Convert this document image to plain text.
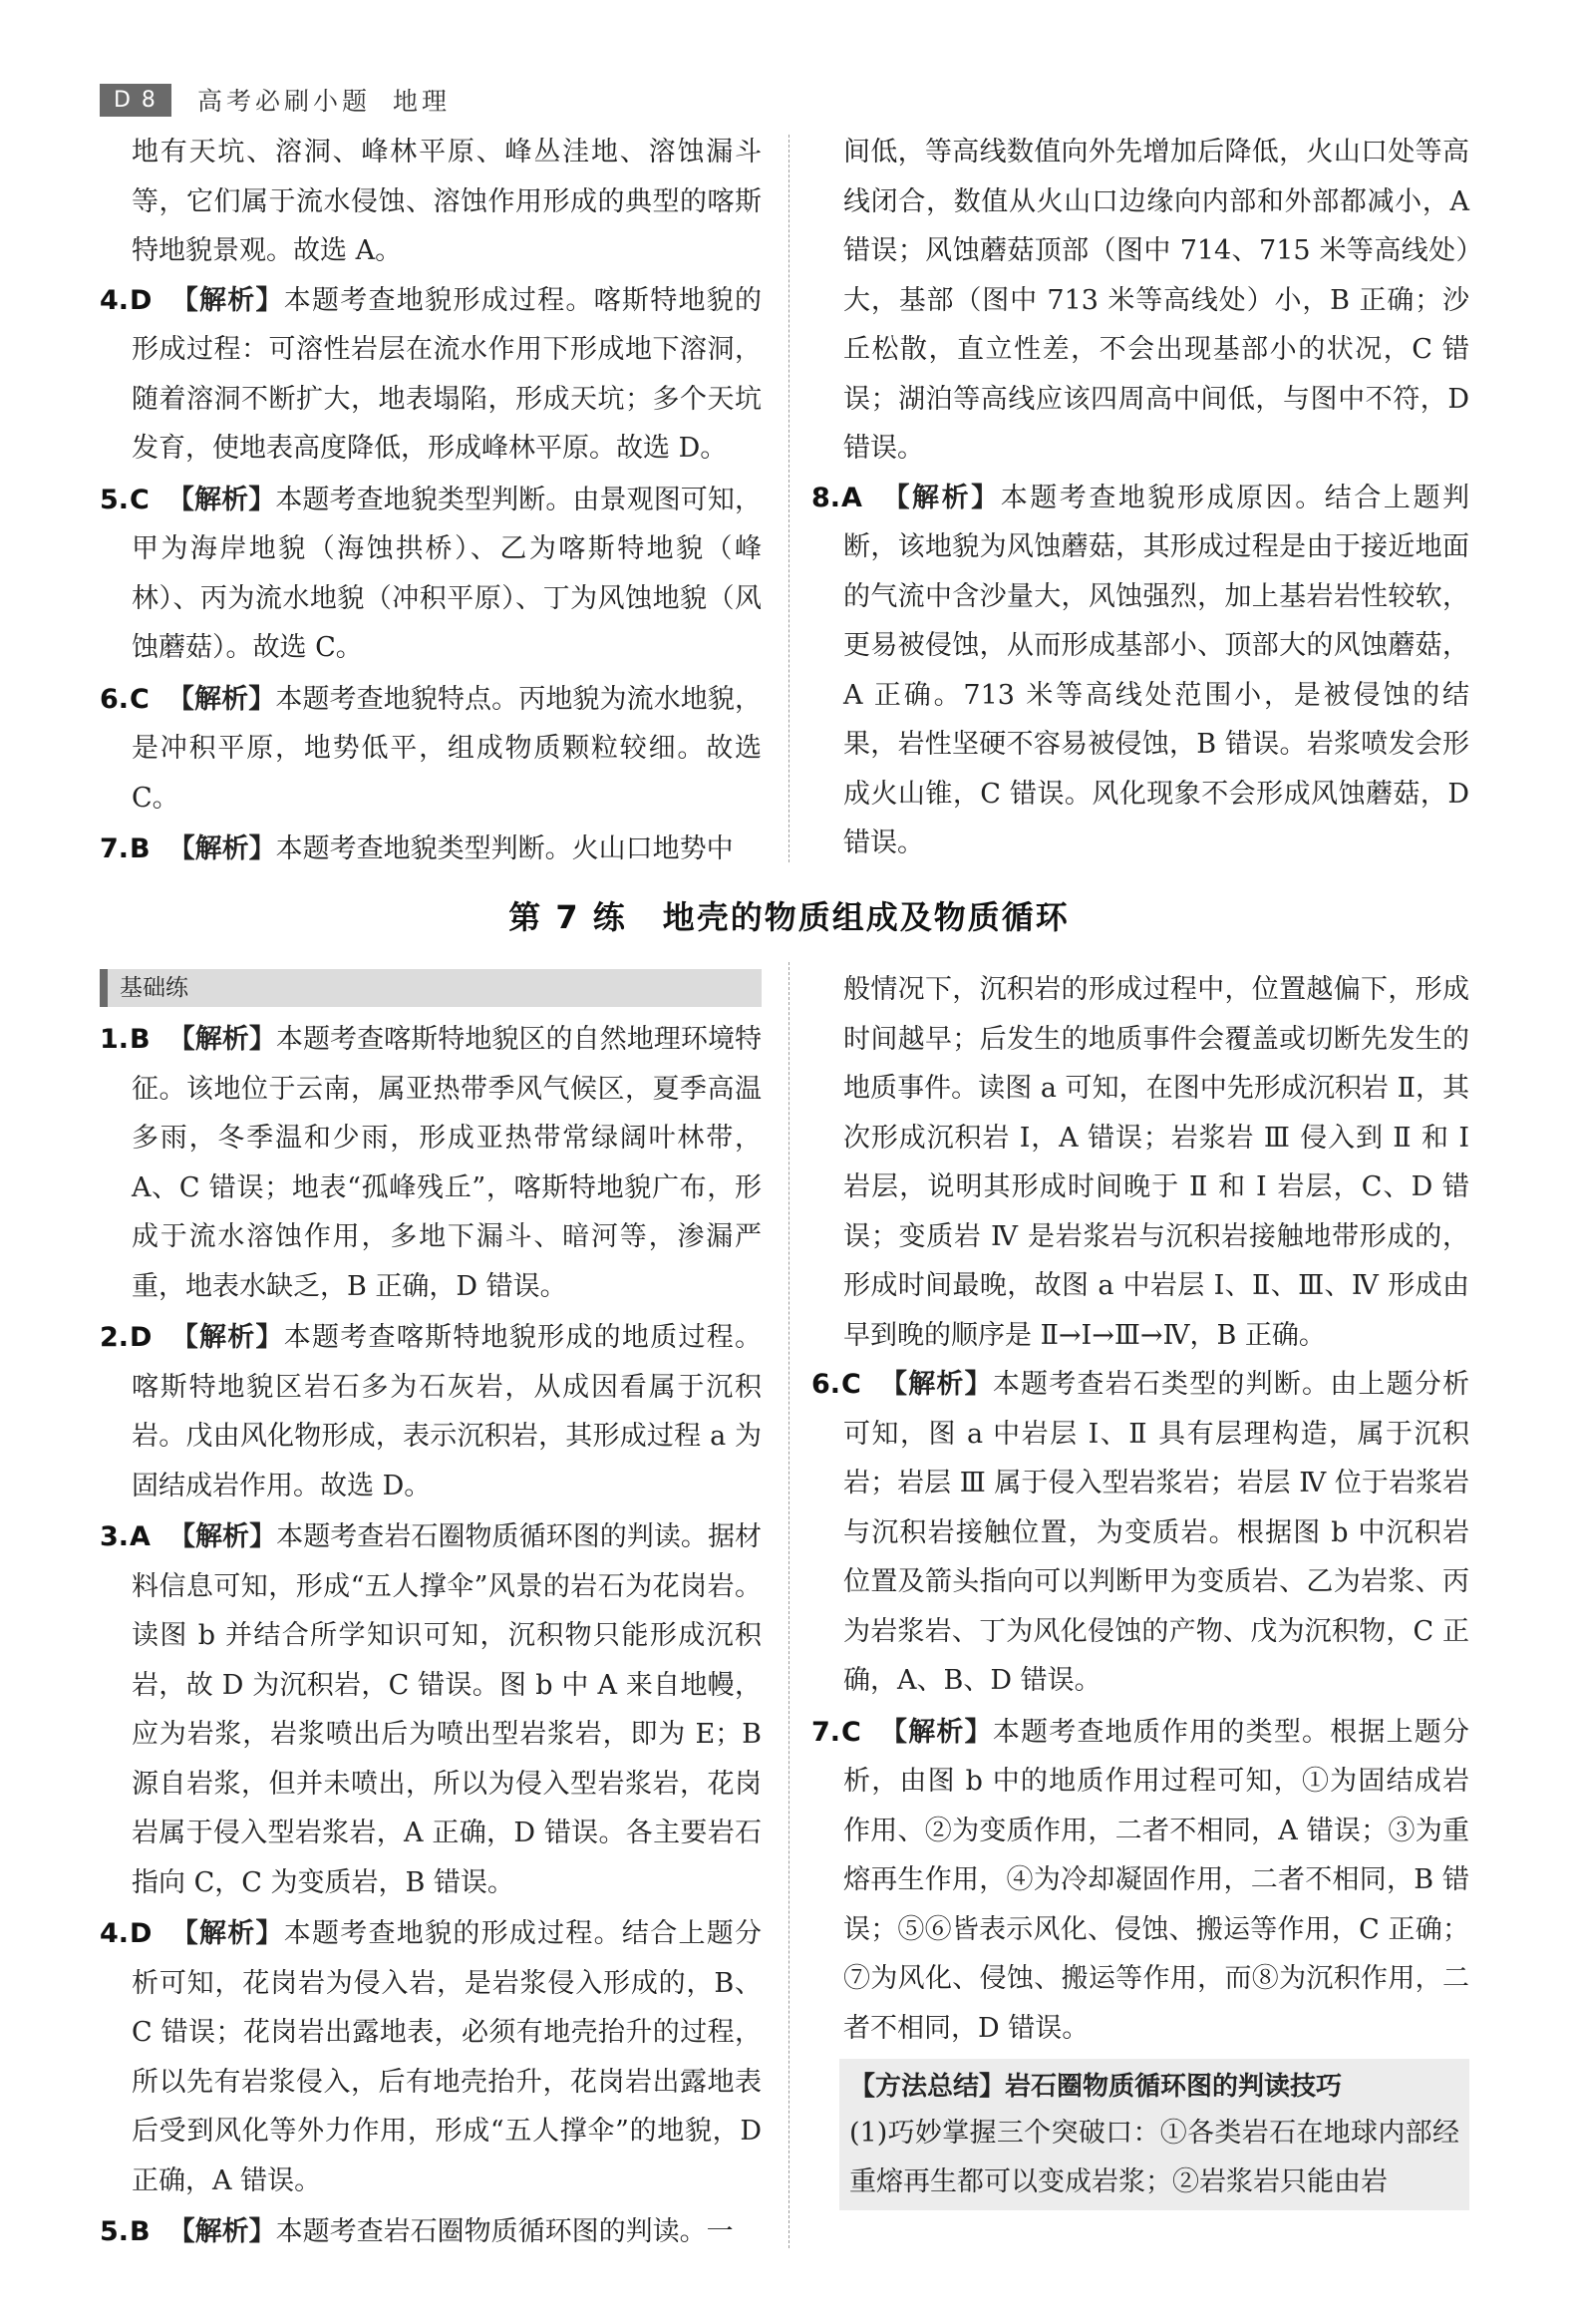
D 8	高考必刷小题 地理

地有天坑、溶洞、峰林平原、峰丛洼地、溶蚀漏斗等，它们属于流水侵蚀、溶蚀作用形成的典型的喀斯特地貌景观。故选 A。

4.D 【解析】本题考查地貌形成过程。喀斯特地貌的形成过程：可溶性岩层在流水作用下形成地下溶洞，随着溶洞不断扩大，地表塌陷，形成天坑；多个天坑发育，使地表高度降低，形成峰林平原。故选 D。

5.C 【解析】本题考查地貌类型判断。由景观图可知，甲为海岸地貌（海蚀拱桥）、乙为喀斯特地貌（峰林）、丙为流水地貌（冲积平原）、丁为风蚀地貌（风蚀蘑菇）。故选 C。

6.C 【解析】本题考查地貌特点。丙地貌为流水地貌，是冲积平原，地势低平，组成物质颗粒较细。故选 C。

7.B 【解析】本题考查地貌类型判断。火山口地势中

间低，等高线数值向外先增加后降低，火山口处等高线闭合，数值从火山口边缘向内部和外部都减小，A 错误；风蚀蘑菇顶部（图中 714、715 米等高线处）大，基部（图中 713 米等高线处）小，B 正确；沙丘松散，直立性差，不会出现基部小的状况，C 错误；湖泊等高线应该四周高中间低，与图中不符，D 错误。

8.A 【解析】本题考查地貌形成原因。结合上题判断，该地貌为风蚀蘑菇，其形成过程是由于接近地面的气流中含沙量大，风蚀强烈，加上基岩岩性较软，更易被侵蚀，从而形成基部小、顶部大的风蚀蘑菇，A 正确。713 米等高线处范围小，是被侵蚀的结果，岩性坚硬不容易被侵蚀，B 错误。岩浆喷发会形成火山锥，C 错误。风化现象不会形成风蚀蘑菇，D 错误。

第 7 练 地壳的物质组成及物质循环
基础练

1.B 【解析】本题考查喀斯特地貌区的自然地理环境特征。该地位于云南，属亚热带季风气候区，夏季高温多雨，冬季温和少雨，形成亚热带常绿阔叶林带，A、C 错误；地表“孤峰残丘”，喀斯特地貌广布，形成于流水溶蚀作用，多地下漏斗、暗河等，渗漏严重，地表水缺乏，B 正确，D 错误。

2.D 【解析】本题考查喀斯特地貌形成的地质过程。喀斯特地貌区岩石多为石灰岩，从成因看属于沉积岩。戊由风化物形成，表示沉积岩，其形成过程 a 为固结成岩作用。故选 D。

3.A 【解析】本题考查岩石圈物质循环图的判读。据材料信息可知，形成“五人撑伞”风景的岩石为花岗岩。读图 b 并结合所学知识可知，沉积物只能形成沉积岩，故 D 为沉积岩，C 错误。图 b 中 A 来自地幔，应为岩浆，岩浆喷出后为喷出型岩浆岩，即为 E；B 源自岩浆，但并未喷出，所以为侵入型岩浆岩，花岗岩属于侵入型岩浆岩，A 正确，D 错误。各主要岩石指向 C，C 为变质岩，B 错误。

4.D 【解析】本题考查地貌的形成过程。结合上题分析可知，花岗岩为侵入岩，是岩浆侵入形成的，B、C 错误；花岗岩出露地表，必须有地壳抬升的过程，所以先有岩浆侵入，后有地壳抬升，花岗岩出露地表后受到风化等外力作用，形成“五人撑伞”的地貌，D 正确，A 错误。

5.B 【解析】本题考查岩石圈物质循环图的判读。一

般情况下，沉积岩的形成过程中，位置越偏下，形成时间越早；后发生的地质事件会覆盖或切断先发生的地质事件。读图 a 可知，在图中先形成沉积岩 Ⅱ，其次形成沉积岩 Ⅰ，A 错误；岩浆岩 Ⅲ 侵入到 Ⅱ 和 Ⅰ 岩层，说明其形成时间晚于 Ⅱ 和 Ⅰ 岩层，C、D 错误；变质岩 Ⅳ 是岩浆岩与沉积岩接触地带形成的，形成时间最晚，故图 a 中岩层 Ⅰ、Ⅱ、Ⅲ、Ⅳ 形成由早到晚的顺序是 Ⅱ→Ⅰ→Ⅲ→Ⅳ，B 正确。

6.C 【解析】本题考查岩石类型的判断。由上题分析可知，图 a 中岩层 Ⅰ、Ⅱ 具有层理构造，属于沉积岩；岩层 Ⅲ 属于侵入型岩浆岩；岩层 Ⅳ 位于岩浆岩与沉积岩接触位置，为变质岩。根据图 b 中沉积岩位置及箭头指向可以判断甲为变质岩、乙为岩浆、丙为岩浆岩、丁为风化侵蚀的产物、戊为沉积物，C 正确，A、B、D 错误。

7.C 【解析】本题考查地质作用的类型。根据上题分析，由图 b 中的地质作用过程可知，①为固结成岩作用、②为变质作用，二者不相同，A 错误；③为重熔再生作用，④为冷却凝固作用，二者不相同，B 错误；⑤⑥皆表示风化、侵蚀、搬运等作用，C 正确；⑦为风化、侵蚀、搬运等作用，而⑧为沉积作用，二者不相同，D 错误。

【方法总结】岩石圈物质循环图的判读技巧
(1)巧妙掌握三个突破口：①各类岩石在地球内部经重熔再生都可以变成岩浆；②岩浆岩只能由岩
